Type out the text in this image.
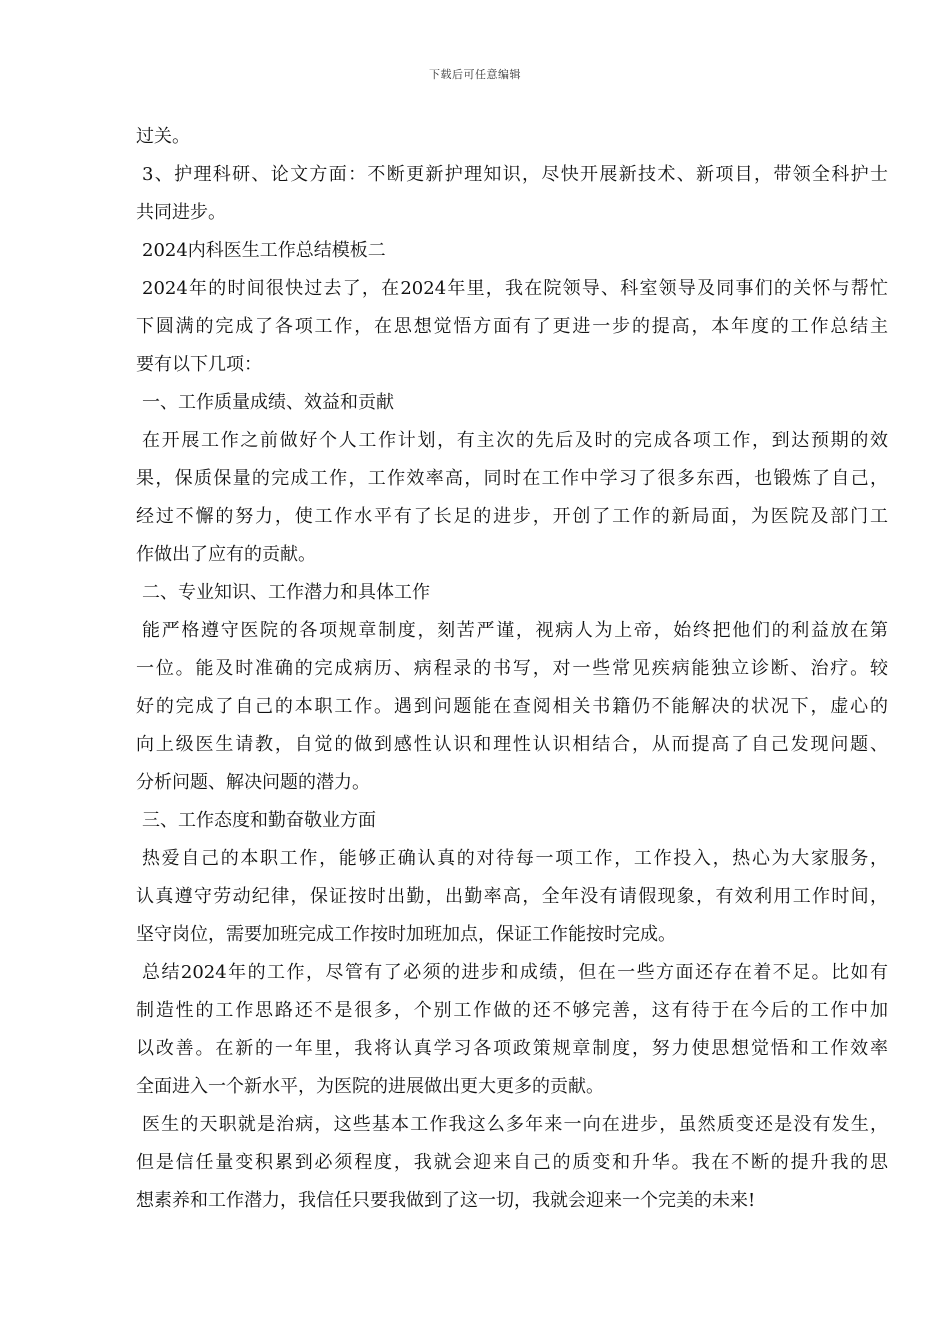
下载后可任意编辑
过关。
3、护理科研、论文方面：不断更新护理知识，尽快开展新技术、新项目，带领全科护士
共同进步。
2024内科医生工作总结模板二
2024年的时间很快过去了，在2024年里，我在院领导、科室领导及同事们的关怀与帮忙
下圆满的完成了各项工作，在思想觉悟方面有了更进一步的提高，本年度的工作总结主
要有以下几项：
一、工作质量成绩、效益和贡献
在开展工作之前做好个人工作计划，有主次的先后及时的完成各项工作，到达预期的效
果，保质保量的完成工作，工作效率高，同时在工作中学习了很多东西，也锻炼了自己，
经过不懈的努力，使工作水平有了长足的进步，开创了工作的新局面，为医院及部门工
作做出了应有的贡献。
二、专业知识、工作潜力和具体工作
能严格遵守医院的各项规章制度，刻苦严谨，视病人为上帝，始终把他们的利益放在第
一位。能及时准确的完成病历、病程录的书写，对一些常见疾病能独立诊断、治疗。较
好的完成了自己的本职工作。遇到问题能在查阅相关书籍仍不能解决的状况下，虚心的
向上级医生请教，自觉的做到感性认识和理性认识相结合，从而提高了自己发现问题、
分析问题、解决问题的潜力。
三、工作态度和勤奋敬业方面
热爱自己的本职工作，能够正确认真的对待每一项工作，工作投入，热心为大家服务，
认真遵守劳动纪律，保证按时出勤，出勤率高，全年没有请假现象，有效利用工作时间，
坚守岗位，需要加班完成工作按时加班加点，保证工作能按时完成。
总结2024年的工作，尽管有了必须的进步和成绩，但在一些方面还存在着不足。比如有
制造性的工作思路还不是很多，个别工作做的还不够完善，这有待于在今后的工作中加
以改善。在新的一年里，我将认真学习各项政策规章制度，努力使思想觉悟和工作效率
全面进入一个新水平，为医院的进展做出更大更多的贡献。
医生的天职就是治病，这些基本工作我这么多年来一向在进步，虽然质变还是没有发生，
但是信任量变积累到必须程度，我就会迎来自己的质变和升华。我在不断的提升我的思
想素养和工作潜力，我信任只要我做到了这一切，我就会迎来一个完美的未来!
